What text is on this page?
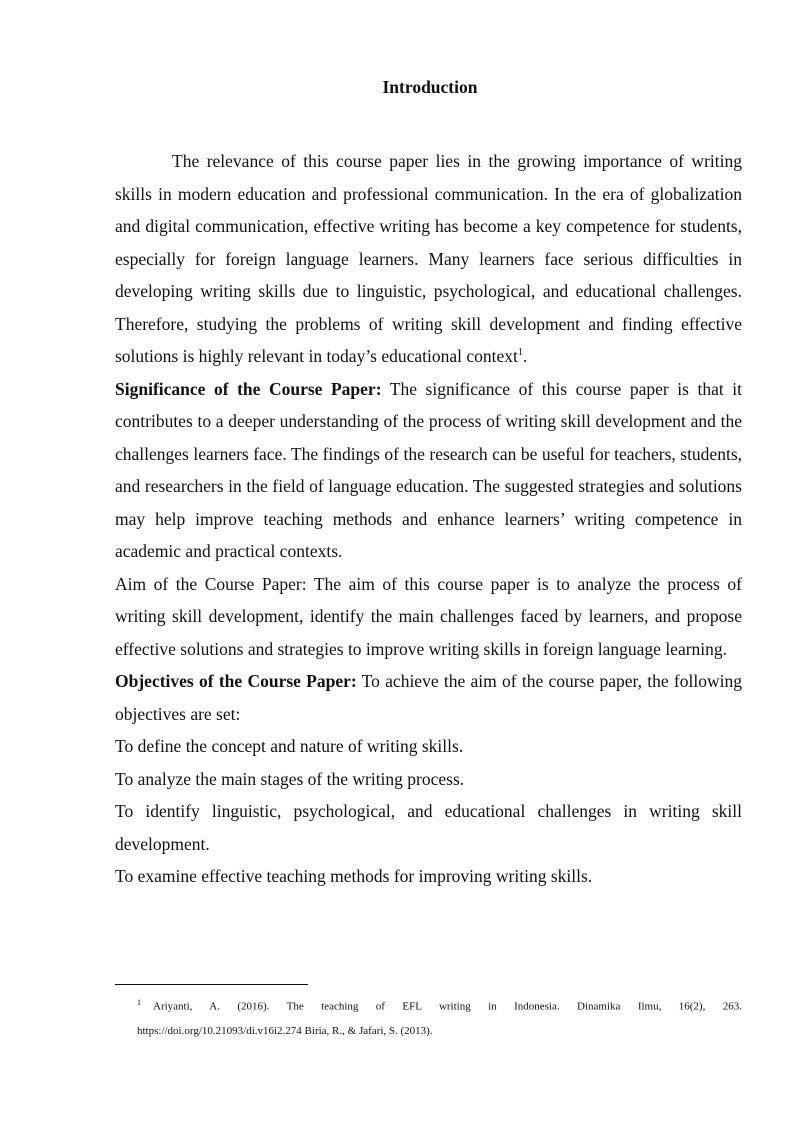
Introduction

The relevance of this course paper lies in the growing importance of writing skills in modern education and professional communication. In the era of globalization and digital communication, effective writing has become a key competence for students, especially for foreign language learners. Many learners face serious difficulties in developing writing skills due to linguistic, psychological, and educational challenges. Therefore, studying the problems of writing skill development and finding effective solutions is highly relevant in today’s educational context$^1$.

Significance of the Course Paper: The significance of this course paper is that it contributes to a deeper understanding of the process of writing skill development and the challenges learners face. The findings of the research can be useful for teachers, students, and researchers in the field of language education. The suggested strategies and solutions may help improve teaching methods and enhance learners’ writing competence in academic and practical contexts.

Aim of the Course Paper: The aim of this course paper is to analyze the process of writing skill development, identify the main challenges faced by learners, and propose effective solutions and strategies to improve writing skills in foreign language learning.

Objectives of the Course Paper: To achieve the aim of the course paper, the following objectives are set:

To define the concept and nature of writing skills.

To analyze the main stages of the writing process.

To identify linguistic, psychological, and educational challenges in writing skill development.

To examine effective teaching methods for improving writing skills.

$^1$ Ariyanti, A. (2016). The teaching of EFL writing in Indonesia. Dinamika Ilmu, 16(2), 263.
https://doi.org/10.21093/di.v16i2.274 Biria, R., & Jafari, S. (2013).
